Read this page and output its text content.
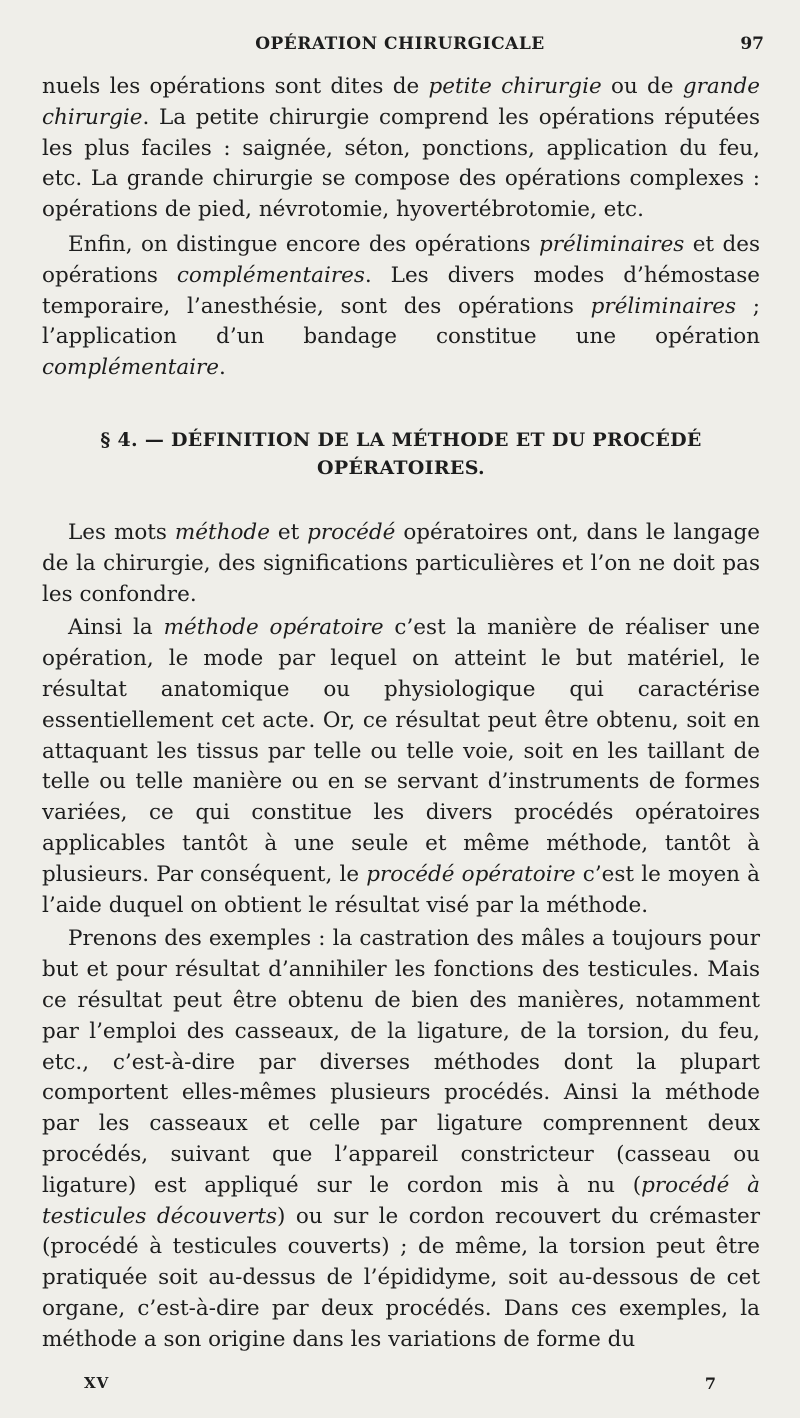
OPÉRATION CHIRURGICALE	97

nuels les opérations sont dites de petite chirurgie ou de grande chirurgie. La petite chirurgie comprend les opérations réputées les plus faciles : saignée, séton, ponctions, application du feu, etc. La grande chirurgie se compose des opérations complexes : opérations de pied, névrotomie, hyovertébrotomie, etc.

Enfin, on distingue encore des opérations préliminaires et des opérations complémentaires. Les divers modes d’hémostase temporaire, l’anesthésie, sont des opérations préliminaires ; l’application d’un bandage constitue une opération complémentaire.

§ 4. — DÉFINITION DE LA MÉTHODE ET DU PROCÉDÉ
OPÉRATOIRES.

Les mots méthode et procédé opératoires ont, dans le langage de la chirurgie, des significations particulières et l’on ne doit pas les confondre.

Ainsi la méthode opératoire c’est la manière de réaliser une opération, le mode par lequel on atteint le but matériel, le résultat anatomique ou physiologique qui caractérise essentiellement cet acte. Or, ce résultat peut être obtenu, soit en attaquant les tissus par telle ou telle voie, soit en les taillant de telle ou telle manière ou en se servant d’instruments de formes variées, ce qui constitue les divers procédés opératoires applicables tantôt à une seule et même méthode, tantôt à plusieurs. Par conséquent, le procédé opératoire c’est le moyen à l’aide duquel on obtient le résultat visé par la méthode.

Prenons des exemples : la castration des mâles a toujours pour but et pour résultat d’annihiler les fonctions des testicules. Mais ce résultat peut être obtenu de bien des manières, notamment par l’emploi des casseaux, de la ligature, de la torsion, du feu, etc., c’est-à-dire par diverses méthodes dont la plupart comportent elles-mêmes plusieurs procédés. Ainsi la méthode par les casseaux et celle par ligature comprennent deux procédés, suivant que l’appareil constricteur (casseau ou ligature) est appliqué sur le cordon mis à nu (procédé à testicules découverts) ou sur le cordon recouvert du crémaster (procédé à testicules couverts) ; de même, la torsion peut être pratiquée soit au-dessus de l’épididyme, soit au-dessous de cet organe, c’est-à-dire par deux procédés. Dans ces exemples, la méthode a son origine dans les variations de forme du

XV	7
